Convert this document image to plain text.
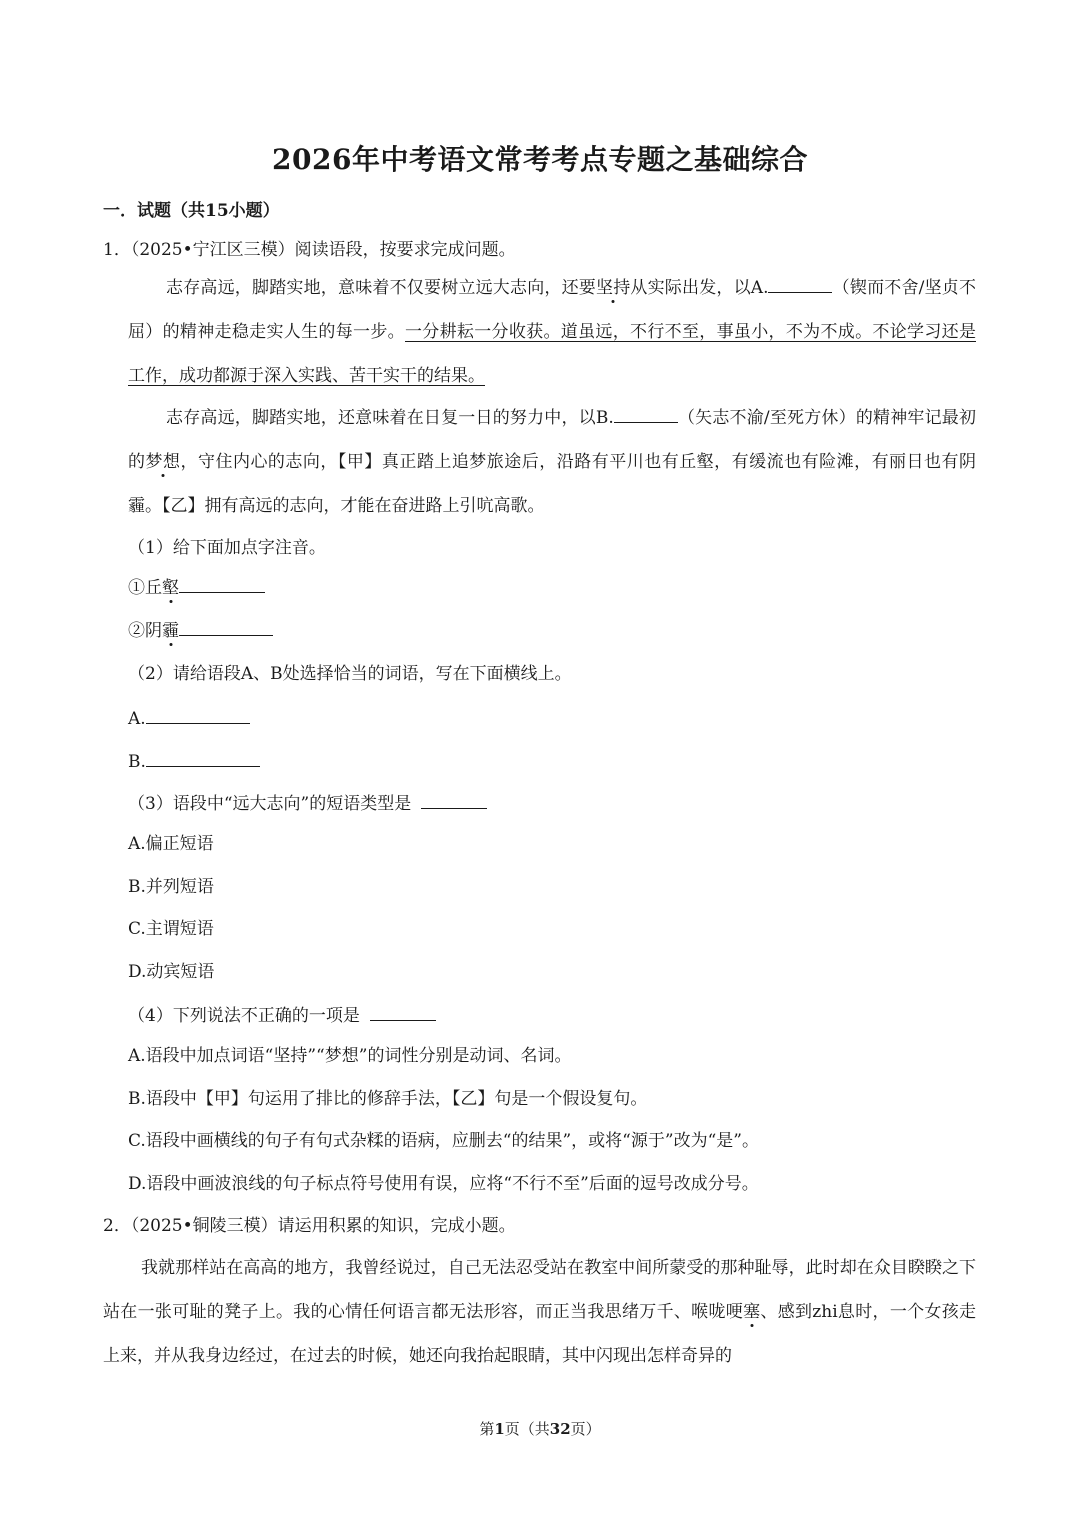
2026年中考语文常考考点专题之基础综合
一．试题（共15小题）
1．（2025•宁江区三模）阅读语段，按要求完成问题。
志存高远，脚踏实地，意味着不仅要树立远大志向，还要坚持从实际出发，以A.	（锲而不舍/坚贞不屈）的精神走稳走实人生的每一步。一分耕耘一分收获。道虽远，不行不至，事虽小，不为不成。不论学习还是工作，成功都源于深入实践、苦干实干的结果。
志存高远，脚踏实地，还意味着在日复一日的努力中，以B.	（矢志不渝/至死方休）的精神牢记最初的梦想，守住内心的志向，【甲】真正踏上追梦旅途后，沿路有平川也有丘壑，有缓流也有险滩，有丽日也有阴霾。【乙】拥有高远的志向，才能在奋进路上引吭高歌。
（1）给下面加点字注音。
①丘壑
②阴霾
（2）请给语段A、B处选择恰当的词语，写在下面横线上。
A.
B.
（3）语段中“远大志向”的短语类型是
A.偏正短语
B.并列短语
C.主谓短语
D.动宾短语
（4）下列说法不正确的一项是
A.语段中加点词语“坚持”“梦想”的词性分别是动词、名词。
B.语段中【甲】句运用了排比的修辞手法，【乙】句是一个假设复句。
C.语段中画横线的句子有句式杂糅的语病，应删去“的结果”，或将“源于”改为“是”。
D.语段中画波浪线的句子标点符号使用有误，应将“不行不至”后面的逗号改成分号。
2．（2025•铜陵三模）请运用积累的知识，完成小题。
我就那样站在高高的地方，我曾经说过，自己无法忍受站在教室中间所蒙受的那种耻辱，此时却在众目睽睽之下站在一张可耻的凳子上。我的心情任何语言都无法形容，而正当我思绪万千、喉咙哽塞、感到zhi息时，一个女孩走上来，并从我身边经过，在过去的时候，她还向我抬起眼睛，其中闪现出怎样奇异的
第1页（共32页）
